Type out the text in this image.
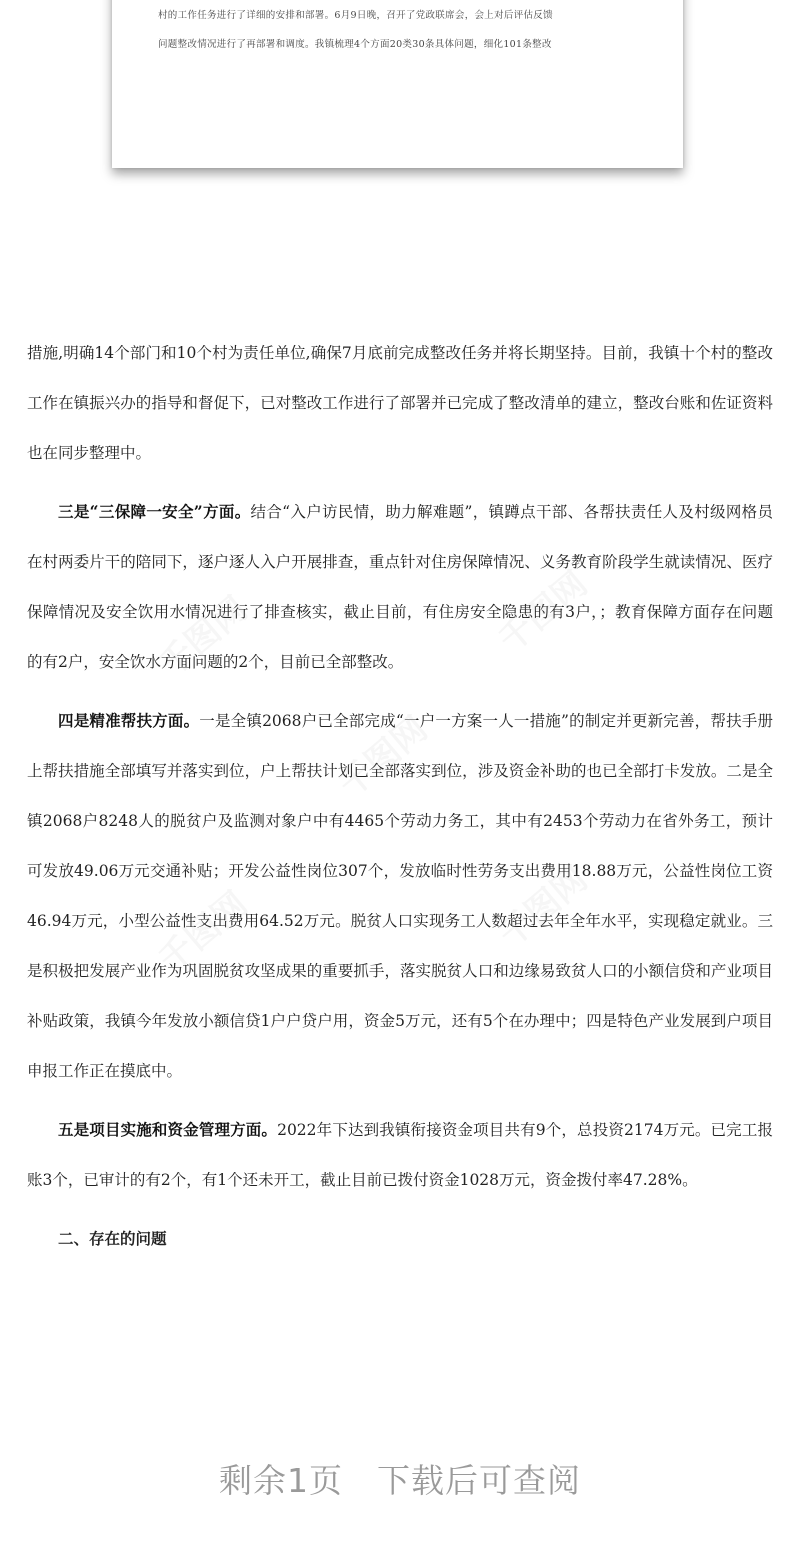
村的工作任务进行了详细的安排和部署。6月9日晚，召开了党政联席会，会上对后评估反馈
问题整改情况进行了再部署和调度。我镇梳理4个方面20类30条具体问题，细化101条整改

措施,明确14个部门和10个村为责任单位,确保7月底前完成整改任务并将长期坚持。目前，我镇十个村的整改工作在镇振兴办的指导和督促下，已对整改工作进行了部署并已完成了整改清单的建立，整改台账和佐证资料也在同步整理中。

三是“三保障一安全”方面。结合“入户访民情，助力解难题”，镇蹲点干部、各帮扶责任人及村级网格员在村两委片干的陪同下，逐户逐人入户开展排查，重点针对住房保障情况、义务教育阶段学生就读情况、医疗保障情况及安全饮用水情况进行了排查核实，截止目前，有住房安全隐患的有3户，；教育保障方面存在问题的有2户，安全饮水方面问题的2个，目前已全部整改。

四是精准帮扶方面。一是全镇2068户已全部完成“一户一方案一人一措施”的制定并更新完善，帮扶手册上帮扶措施全部填写并落实到位，户上帮扶计划已全部落实到位，涉及资金补助的也已全部打卡发放。二是全镇2068户8248人的脱贫户及监测对象户中有4465个劳动力务工，其中有2453个劳动力在省外务工，预计可发放49.06万元交通补贴；开发公益性岗位307个，发放临时性劳务支出费用18.88万元，公益性岗位工资46.94万元，小型公益性支出费用64.52万元。脱贫人口实现务工人数超过去年全年水平，实现稳定就业。三是积极把发展产业作为巩固脱贫攻坚成果的重要抓手，落实脱贫人口和边缘易致贫人口的小额信贷和产业项目补贴政策，我镇今年发放小额信贷1户户贷户用，资金5万元，还有5个在办理中；四是特色产业发展到户项目申报工作正在摸底中。

五是项目实施和资金管理方面。2022年下达到我镇衔接资金项目共有9个，总投资2174万元。已完工报账3个，已审计的有2个，有1个还未开工，截止目前已拨付资金1028万元，资金拨付率47.28%。

二、存在的问题
千图网	千图网
千图网
千图网	千图网
剩余1页　下载后可查阅
